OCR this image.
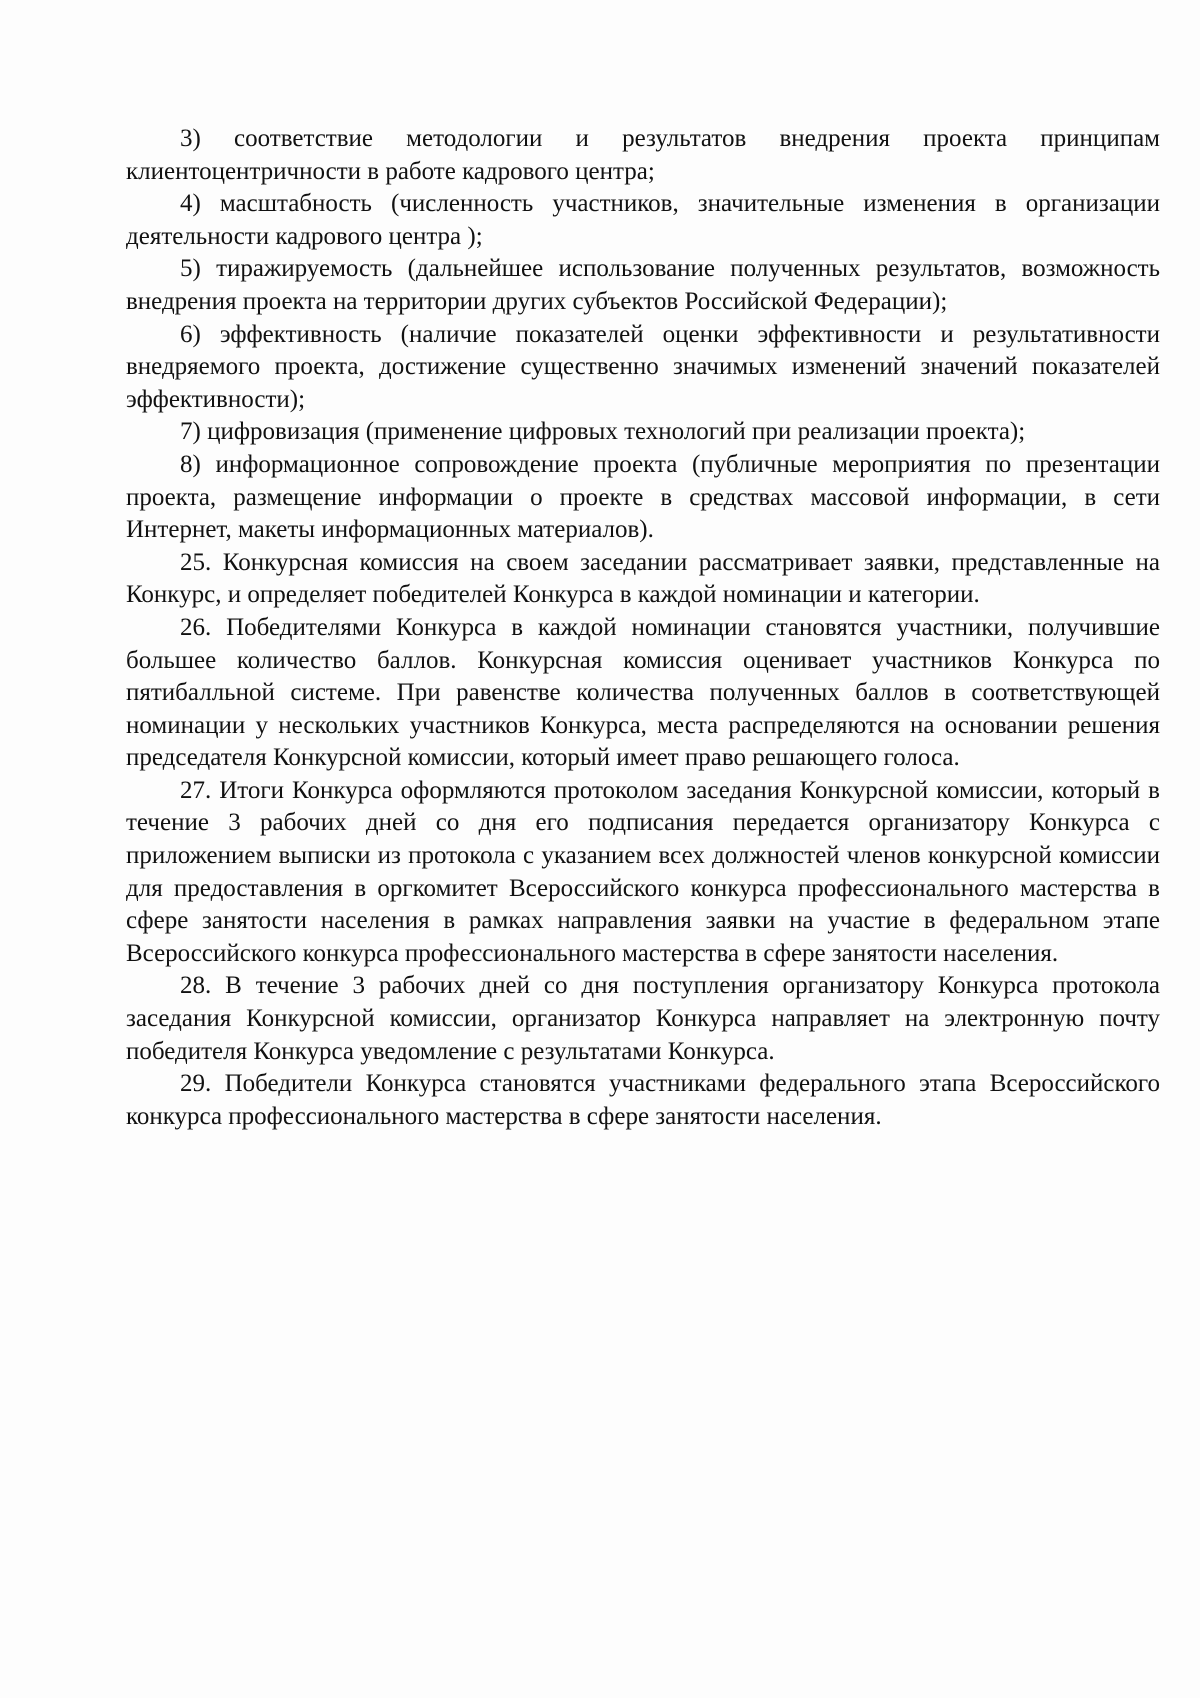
3) соответствие методологии и результатов внедрения проекта принципам клиентоцентричности в работе кадрового центра;

4) масштабность (численность участников, значительные изменения в организации деятельности кадрового центра );

5) тиражируемость (дальнейшее использование полученных результатов, возможность внедрения проекта на территории других субъектов Российской Федерации);

6) эффективность (наличие показателей оценки эффективности и результативности внедряемого проекта, достижение существенно значимых изменений значений показателей эффективности);

7) цифровизация (применение цифровых технологий при реализации проекта);

8) информационное сопровождение проекта (публичные мероприятия по презентации проекта, размещение информации о проекте в средствах массовой информации, в сети Интернет, макеты информационных материалов).

25. Конкурсная комиссия на своем заседании рассматривает заявки, представленные на Конкурс, и определяет победителей Конкурса в каждой номинации и категории.

26. Победителями Конкурса в каждой номинации становятся участники, получившие большее количество баллов. Конкурсная комиссия оценивает участников Конкурса по пятибалльной системе. При равенстве количества полученных баллов в соответствующей номинации у нескольких участников Конкурса, места распределяются на основании решения председателя Конкурсной комиссии, который имеет право решающего голоса.

27. Итоги Конкурса оформляются протоколом заседания Конкурсной комиссии, который в течение 3 рабочих дней со дня его подписания передается организатору Конкурса с приложением выписки из протокола с указанием всех должностей членов конкурсной комиссии для предоставления в оргкомитет Всероссийского конкурса профессионального мастерства в сфере занятости населения в рамках направления заявки на участие в федеральном этапе Всероссийского конкурса профессионального мастерства в сфере занятости населения.

28. В течение 3 рабочих дней со дня поступления организатору Конкурса протокола заседания Конкурсной комиссии, организатор Конкурса направляет на электронную почту победителя Конкурса уведомление с результатами Конкурса.

29. Победители Конкурса становятся участниками федерального этапа Всероссийского конкурса профессионального мастерства в сфере занятости населения.
